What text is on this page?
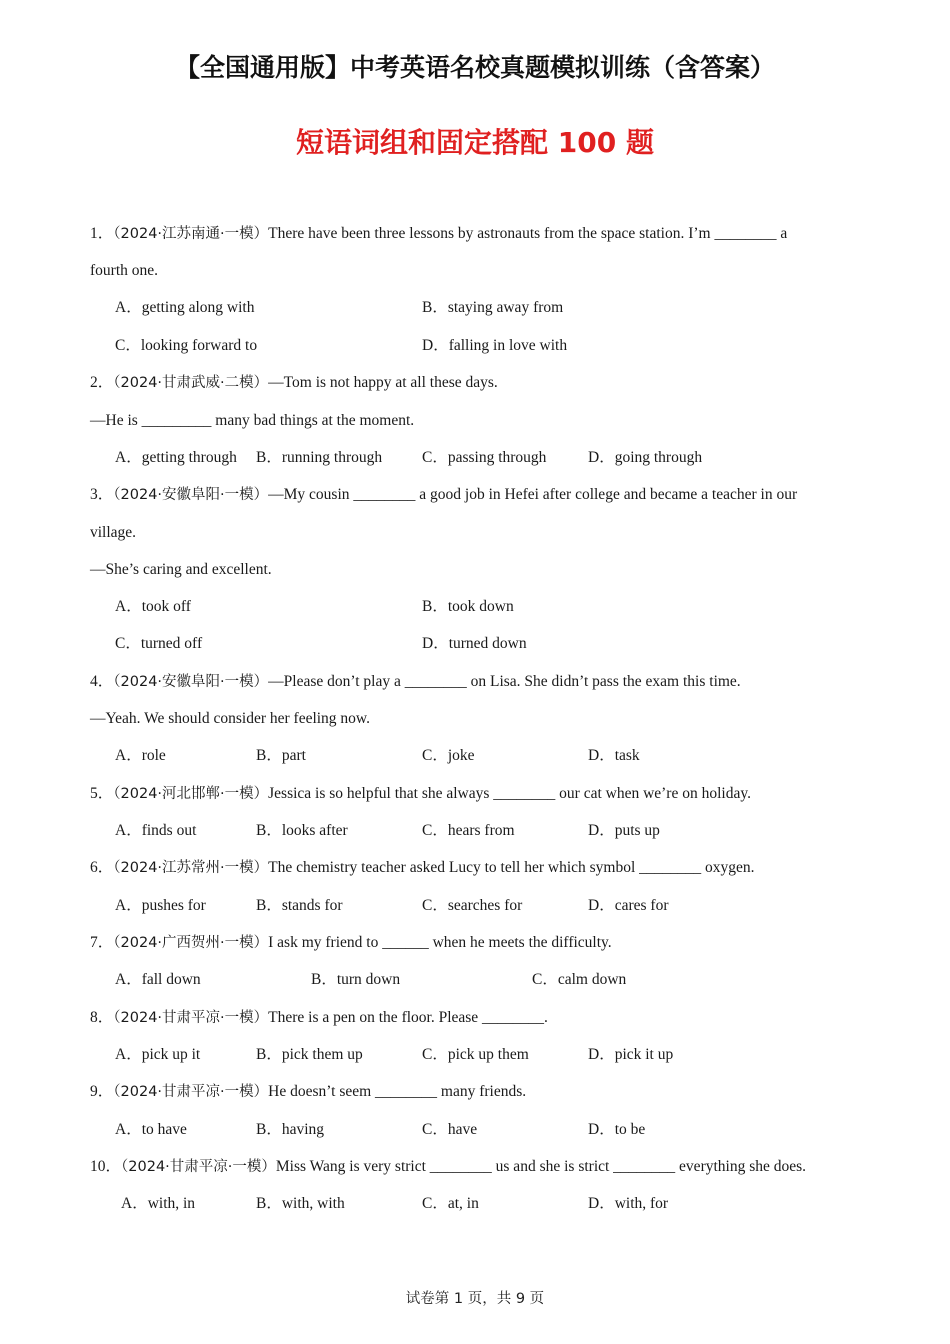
【全国通用版】中考英语名校真题模拟训练（含答案）
短语词组和固定搭配 100 题
1．（2024·江苏南通·一模）There have been three lessons by astronauts from the space station. I’m ________ a
fourth one.
A．getting along with	B．staying away from
C．looking forward to	D．falling in love with
2．（2024·甘肃武威·二模）—Tom is not happy at all these days.
—He is _________ many bad things at the moment.
A．getting through B．running through	C．passing through	D．going through
3．（2024·安徽阜阳·一模）—My cousin ________ a good job in Hefei after college and became a teacher in our
village.
—She’s caring and excellent.
A．took off	B．took down
C．turned off	D．turned down
4．（2024·安徽阜阳·一模）—Please don’t play a ________ on Lisa. She didn’t pass the exam this time.
—Yeah. We should consider her feeling now.
A．role	B．part	C．joke	D．task
5．（2024·河北邯郸·一模）Jessica is so helpful that she always ________ our cat when we’re on holiday.
A．finds out	B．looks after	C．hears from	D．puts up
6．（2024·江苏常州·一模）The chemistry teacher asked Lucy to tell her which symbol ________ oxygen.
A．pushes for	B．stands for	C．searches for	D．cares for
7．（2024·广西贺州·一模）I ask my friend to ______ when he meets the difficulty.
A．fall down	B．turn down	C．calm down
8．（2024·甘肃平凉·一模）There is a pen on the floor. Please ________.
A．pick up it	B．pick them up	C．pick up them	D．pick it up
9．（2024·甘肃平凉·一模）He doesn’t seem ________ many friends.
A．to have	B．having	C．have	D．to be
10．（2024·甘肃平凉·一模）Miss Wang is very strict ________ us and she is strict ________ everything she does.
A．with, in	B．with, with	C．at, in	D．with, for
试卷第 1 页，共 9 页
